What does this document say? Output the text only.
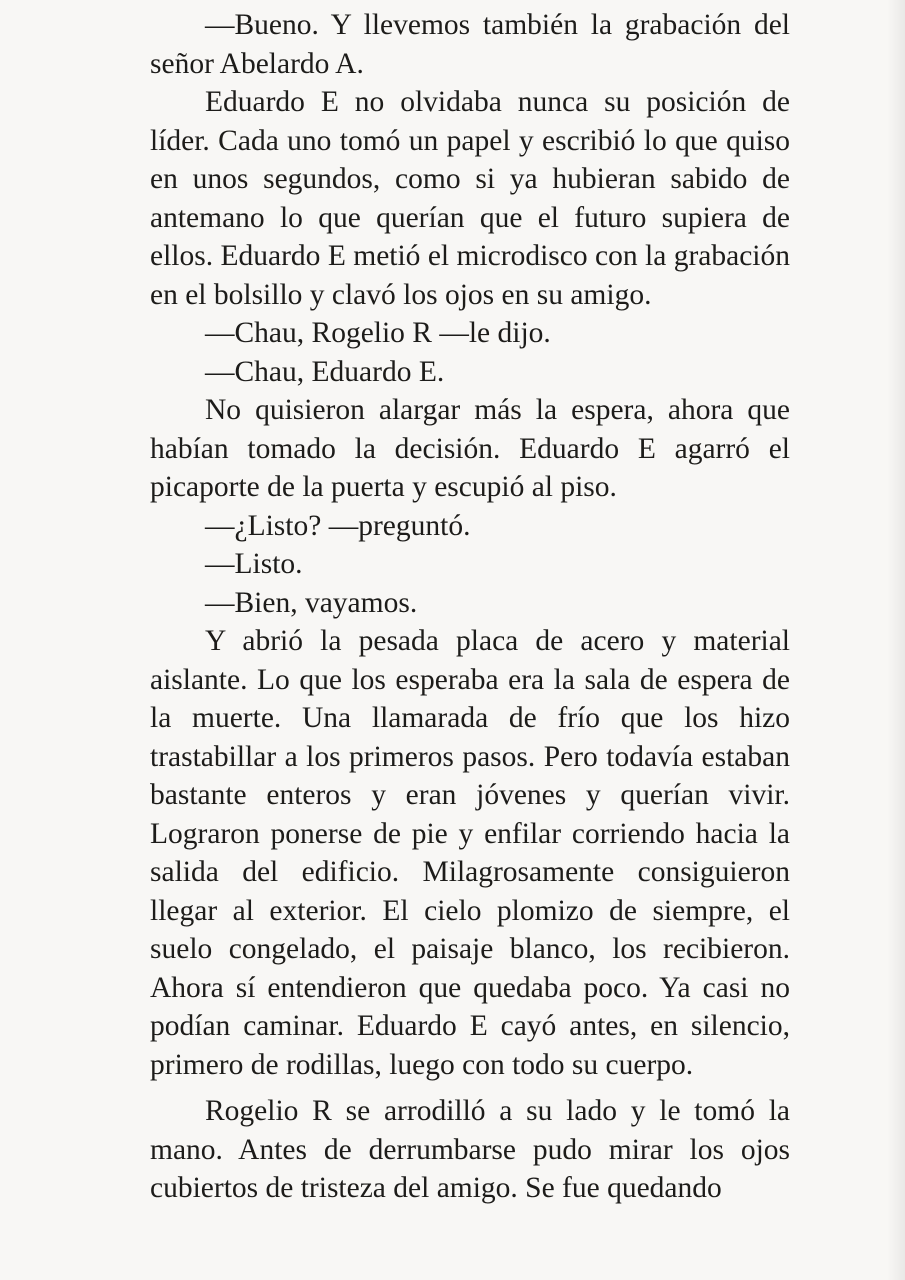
—Bueno. Y llevemos también la grabación del señor Abelardo A.

Eduardo E no olvidaba nunca su posición de líder. Cada uno tomó un papel y escribió lo que quiso en unos segundos, como si ya hubieran sabido de antemano lo que querían que el futuro supiera de ellos. Eduardo E metió el microdisco con la grabación en el bolsillo y clavó los ojos en su amigo.

—Chau, Rogelio R —le dijo.

—Chau, Eduardo E.

No quisieron alargar más la espera, ahora que habían tomado la decisión. Eduardo E agarró el picaporte de la puerta y escupió al piso.

—¿Listo? —preguntó.

—Listo.

—Bien, vayamos.

Y abrió la pesada placa de acero y material aislante. Lo que los esperaba era la sala de espera de la muerte. Una llamarada de frío que los hizo trastabillar a los primeros pasos. Pero todavía estaban bastante enteros y eran jóvenes y querían vivir. Lograron ponerse de pie y enfilar corriendo hacia la salida del edificio. Milagrosamente consiguieron llegar al exterior. El cielo plomizo de siempre, el suelo congelado, el paisaje blanco, los recibieron. Ahora sí entendieron que quedaba poco. Ya casi no podían caminar. Eduardo E cayó antes, en silencio, primero de rodillas, luego con todo su cuerpo.

Rogelio R se arrodilló a su lado y le tomó la mano. Antes de derrumbarse pudo mirar los ojos cubiertos de tristeza del amigo. Se fue quedando
